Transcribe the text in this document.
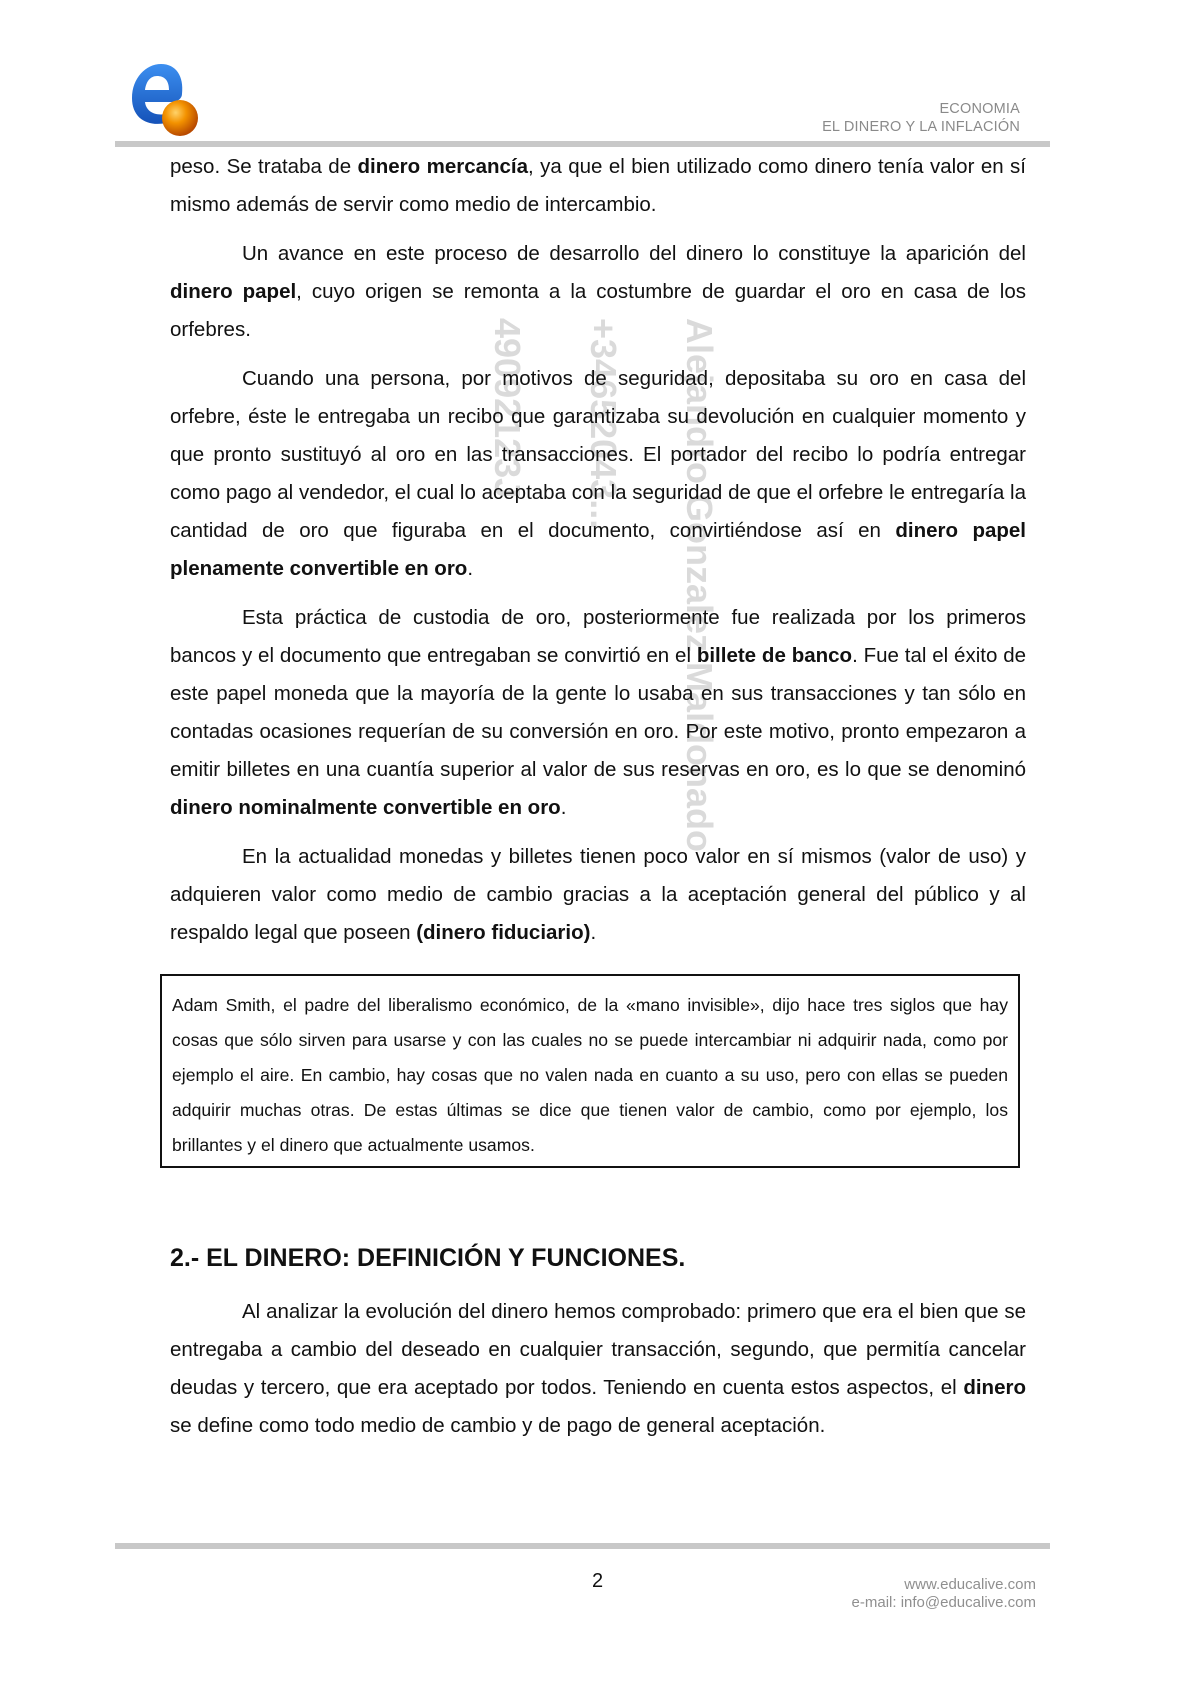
ECONOMIA
EL DINERO Y LA INFLACIÓN
49092123J +34652043... Alejandro Gonzalez Maldonado

peso. Se trataba de dinero mercancía, ya que el bien utilizado como dinero tenía valor en sí mismo además de servir como medio de intercambio.

Un avance en este proceso de desarrollo del dinero lo constituye la aparición del dinero papel, cuyo origen se remonta a la costumbre de guardar el oro en casa de los orfebres.

Cuando una persona, por motivos de seguridad, depositaba su oro en casa del orfebre, éste le entregaba un recibo que garantizaba su devolución en cualquier momento y que pronto sustituyó al oro en las transacciones. El portador del recibo lo podría entregar como pago al vendedor, el cual lo aceptaba con la seguridad de que el orfebre le entregaría la cantidad de oro que figuraba en el documento, convirtiéndose así en dinero papel plenamente convertible en oro.

Esta práctica de custodia de oro, posteriormente fue realizada por los primeros bancos y el documento que entregaban se convirtió en el billete de banco. Fue tal el éxito de este papel moneda que la mayoría de la gente lo usaba en sus transacciones y tan sólo en contadas ocasiones requerían de su conversión en oro. Por este motivo, pronto empezaron a emitir billetes en una cuantía superior al valor de sus reservas en oro, es lo que se denominó dinero nominalmente convertible en oro.

En la actualidad monedas y billetes tienen poco valor en sí mismos (valor de uso) y adquieren valor como medio de cambio gracias a la aceptación general del público y al respaldo legal que poseen (dinero fiduciario).

Adam Smith, el padre del liberalismo económico, de la «mano invisible», dijo hace tres siglos que hay cosas que sólo sirven para usarse y con las cuales no se puede intercambiar ni adquirir nada, como por ejemplo el aire. En cambio, hay cosas que no valen nada en cuanto a su uso, pero con ellas se pueden adquirir muchas otras. De estas últimas se dice que tienen valor de cambio, como por ejemplo, los brillantes y el dinero que actualmente usamos.

2.- EL DINERO: DEFINICIÓN Y FUNCIONES.

Al analizar la evolución del dinero hemos comprobado: primero que era el bien que se entregaba a cambio del deseado en cualquier transacción, segundo, que permitía cancelar deudas y tercero, que era aceptado por todos. Teniendo en cuenta estos aspectos, el dinero se define como todo medio de cambio y de pago de general aceptación.

2	www.educalive.com
e-mail: info@educalive.com
